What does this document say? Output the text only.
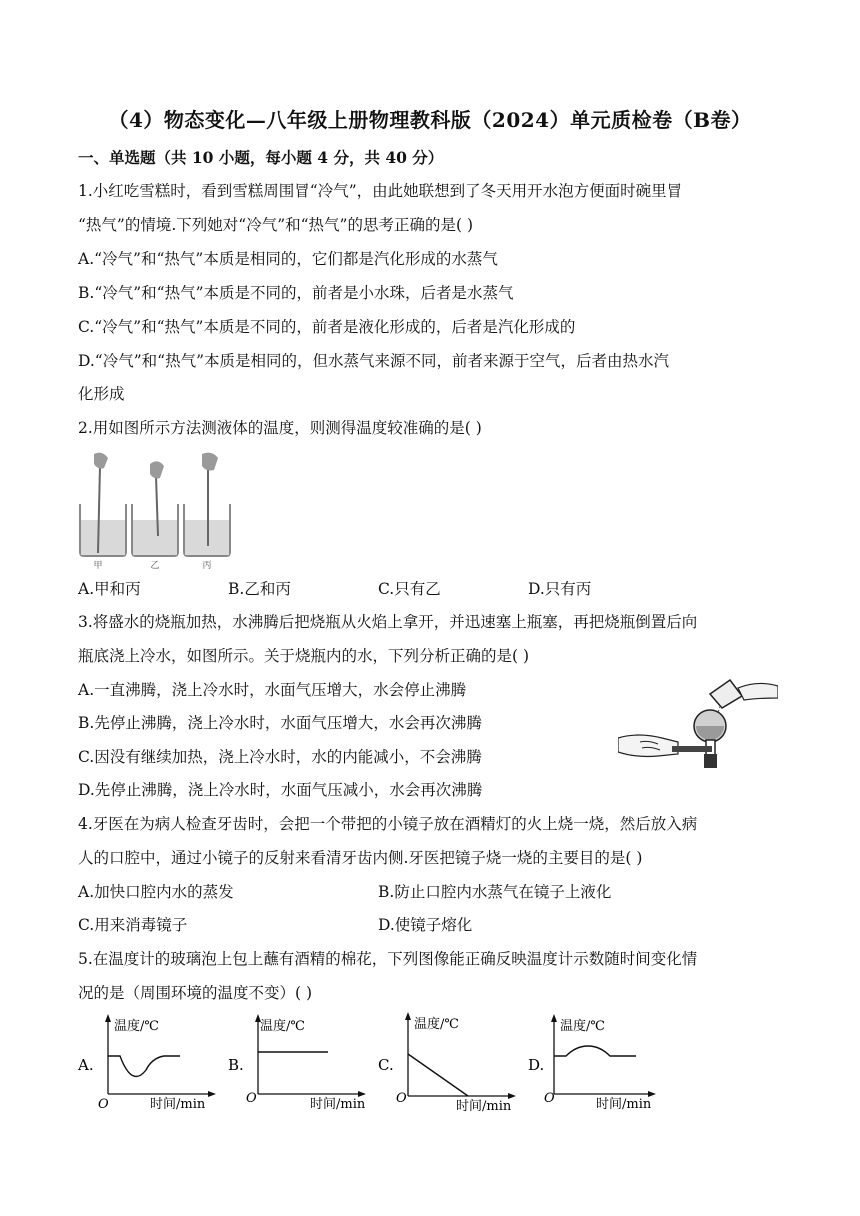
（4）物态变化—八年级上册物理教科版（2024）单元质检卷（B卷）
一、单选题（共 10 小题，每小题 4 分，共 40 分）
1.小红吃雪糕时，看到雪糕周围冒“冷气”，由此她联想到了冬天用开水泡方便面时碗里冒
“热气”的情境.下列她对“冷气”和“热气”的思考正确的是( )
A.“冷气”和“热气”本质是相同的，它们都是汽化形成的水蒸气
B.“冷气”和“热气”本质是不同的，前者是小水珠，后者是水蒸气
C.“冷气”和“热气”本质是不同的，前者是液化形成的，后者是汽化形成的
D.“冷气”和“热气”本质是相同的，但水蒸气来源不同，前者来源于空气，后者由热水汽
化形成
2.用如图所示方法测液体的温度，则测得温度较准确的是( )
甲	乙	丙
A.甲和丙	B.乙和丙	C.只有乙	D.只有丙
3.将盛水的烧瓶加热，水沸腾后把烧瓶从火焰上拿开，并迅速塞上瓶塞，再把烧瓶倒置后向
瓶底浇上冷水，如图所示。关于烧瓶内的水，下列分析正确的是( )
A.一直沸腾，浇上冷水时，水面气压增大，水会停止沸腾
B.先停止沸腾，浇上冷水时，水面气压增大，水会再次沸腾
C.因没有继续加热，浇上冷水时，水的内能减小，不会沸腾
D.先停止沸腾，浇上冷水时，水面气压减小，水会再次沸腾
4.牙医在为病人检查牙齿时，会把一个带把的小镜子放在酒精灯的火上烧一烧，然后放入病
人的口腔中，通过小镜子的反射来看清牙齿内侧.牙医把镜子烧一烧的主要目的是( )
A.加快口腔内水的蒸发	B.防止口腔内水蒸气在镜子上液化
C.用来消毒镜子	D.使镜子熔化
5.在温度计的玻璃泡上包上蘸有酒精的棉花，下列图像能正确反映温度计示数随时间变化情
况的是（周围环境的温度不变）( )
A.
温度/℃
O	时间/min
B.
温度/℃
O	时间/min
C.
温度/℃
O
时间/min
D.
温度/℃
O	时间/min
